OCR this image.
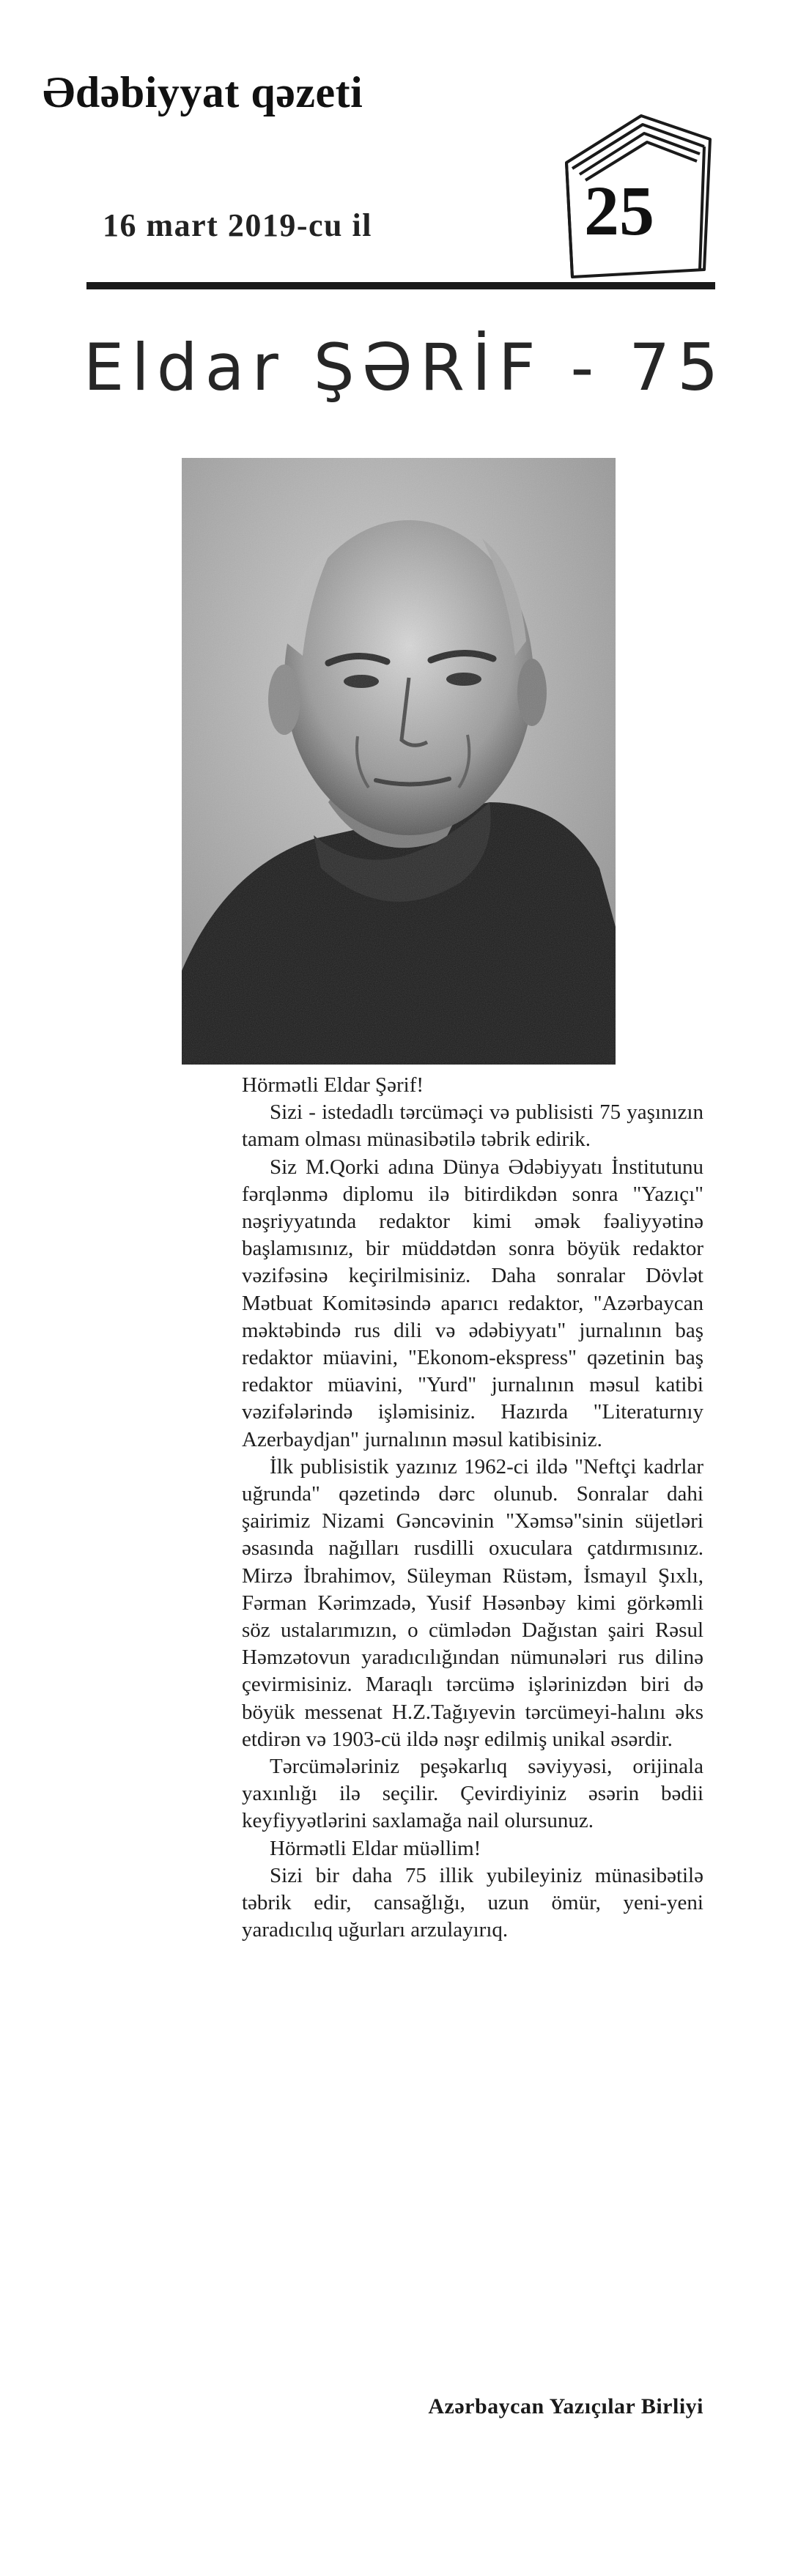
Ədəbiyyat qəzeti
16 mart 2019-cu il	25
Eldar ŞƏRİF - 75

Hörmətli Eldar Şərif!

Sizi - istedadlı tərcüməçi və publisisti 75 yaşınızın tamam olması münasibətilə təbrik edirik.

Siz M.Qorki adına Dünya Ədəbiyyatı İnstitutunu fərqlənmə diplomu ilə bitirdikdən sonra "Yazıçı" nəşriyyatında redaktor kimi əmək fəaliyyətinə başlamısınız, bir müddətdən sonra böyük redaktor vəzifəsinə keçirilmisiniz. Daha sonralar Dövlət Mətbuat Komitəsində aparıcı redaktor, "Azərbaycan məktəbində rus dili və ədəbiyyatı" jurnalının baş redaktor müavini, "Ekonom-ekspress" qəzetinin baş redaktor müavini, "Yurd" jurnalının məsul katibi vəzifələrində işləmisiniz. Hazırda "Literaturnıy Azerbaydjan" jurnalının məsul katibisiniz.

İlk publisistik yazınız 1962-ci ildə "Neftçi kadrlar uğrunda" qəzetində dərc olunub. Sonralar dahi şairimiz Nizami Gəncəvinin "Xəmsə"sinin süjetləri əsasında nağılları rusdilli oxuculara çatdırmısınız. Mirzə İbrahimov, Süleyman Rüstəm, İsmayıl Şıxlı, Fərman Kərimzadə, Yusif Həsənbəy kimi görkəmli söz ustalarımızın, o cümlədən Dağıstan şairi Rəsul Həmzətovun yaradıcılığından nümunələri rus dilinə çevirmisiniz. Maraqlı tərcümə işlərinizdən biri də böyük messenat H.Z.Tağıyevin tərcümeyi-halını əks etdirən və 1903-cü ildə nəşr edilmiş unikal əsərdir.

Tərcümələriniz peşəkarlıq səviyyəsi, orijinala yaxınlığı ilə seçilir. Çevirdiyiniz əsərin bədii keyfiyyətlərini saxlamağa nail olursunuz.

Hörmətli Eldar müəllim!

Sizi bir daha 75 illik yubileyiniz münasibətilə təbrik edir, cansağlığı, uzun ömür, yeni-yeni yaradıcılıq uğurları arzulayırıq.

Azərbaycan Yazıçılar Birliyi
